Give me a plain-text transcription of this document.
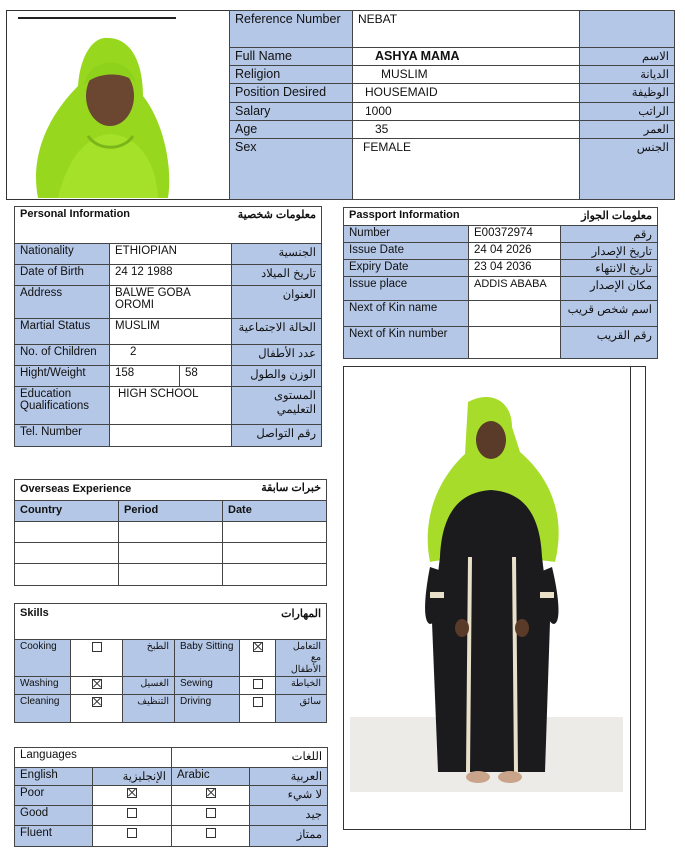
Reference Number	NEBAT	
Full Name	ASHYA MAMA	الاسم
Religion	MUSLIM	الديانة
Position Desired	HOUSEMAID	الوظيفة
Salary	1000	الراتب
Age	35	العمر
Sex	FEMALE	الجنس
Personal Information		معلومات شخصية	
Nationality	ETHIOPIAN		الجنسية
Date of Birth	24 12 1988		تاريخ الميلاد
Address	BALWE GOBA OROMI		العنوان
Martial Status	MUSLIM		الحالة الاجتماعية
No. of Children	2		عدد الأطفال
Hight/Weight	158	58	الوزن والطول
Education Qualifications	HIGH SCHOOL		المستوى التعليمي
Tel. Number			رقم التواصل
Passport Information		معلومات الجواز
Number	E00372974	رقم
Issue Date	24 04 2026	تاريخ الإصدار
Expiry Date	23 04 2036	تاريخ الانتهاء
Issue place	ADDIS ABABA	مكان الإصدار
Next of Kin name		اسم شخص قريب
Next of Kin number		رقم القريب
Overseas Experience		خبرات سابقة
Country	Period	Date

Skills			المهارات		
Cooking		الطبخ	Baby Sitting		التعامل مع الأطفال
Washing		الغسيل	Sewing		الخياطة
Cleaning		التنظيف	Driving		سائق
Languages		اللغات	
English	الإنجليزية	Arabic	العربية
Poor			لا شيء
Good			جيد
Fluent			ممتاز
